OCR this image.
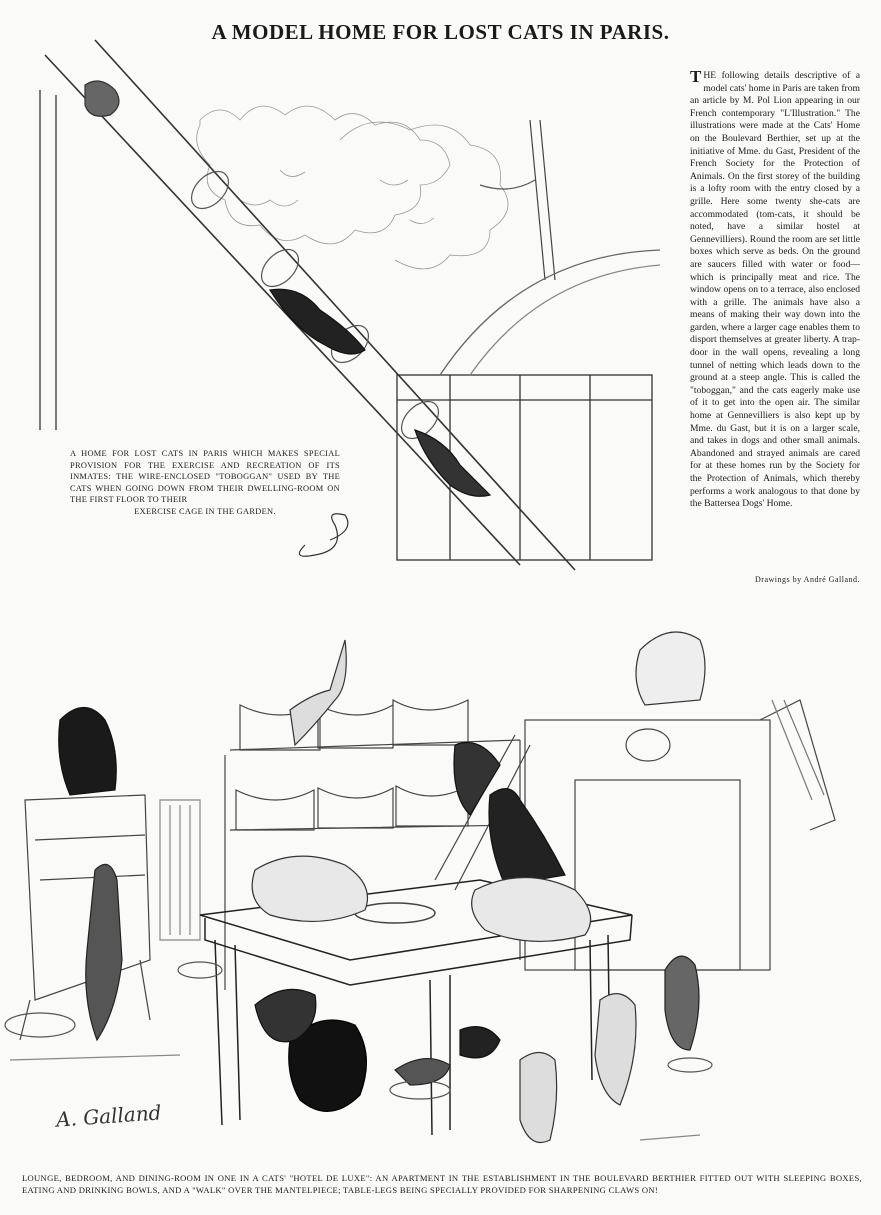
A MODEL HOME FOR LOST CATS IN PARIS.
THE following details descriptive of a model cats' home in Paris are taken from an article by M. Pol Lion appearing in our French contemporary "L'Illustration." The illustrations were made at the Cats' Home on the Boulevard Berthier, set up at the initiative of Mme. du Gast, President of the French Society for the Protection of Animals. On the first storey of the building is a lofty room with the entry closed by a grille. Here some twenty she-cats are accommodated (tom-cats, it should be noted, have a similar hostel at Gennevilliers). Round the room are set little boxes which serve as beds. On the ground are saucers filled with water or food—which is principally meat and rice. The window opens on to a terrace, also enclosed with a grille. The animals have also a means of making their way down into the garden, where a larger cage enables them to disport themselves at greater liberty. A trap-door in the wall opens, revealing a long tunnel of netting which leads down to the ground at a steep angle. This is called the "toboggan," and the cats eagerly make use of it to get into the open air. The similar home at Gennevilliers is also kept up by Mme. du Gast, but it is on a larger scale, and takes in dogs and other small animals. Abandoned and strayed animals are cared for at these homes run by the Society for the Protection of Animals, which thereby performs a work analogous to that done by the Battersea Dogs' Home.
Drawings by André Galland.
A HOME FOR LOST CATS IN PARIS WHICH MAKES SPECIAL PROVISION FOR THE EXERCISE AND RECREATION OF ITS INMATES: THE WIRE-ENCLOSED "TOBOGGAN" USED BY THE CATS WHEN GOING DOWN FROM THEIR DWELLING-ROOM ON THE FIRST FLOOR TO THEIR
EXERCISE CAGE IN THE GARDEN.
A. Galland
LOUNGE, BEDROOM, AND DINING-ROOM IN ONE IN A CATS' "HOTEL DE LUXE": AN APARTMENT IN THE ESTABLISHMENT IN THE BOULEVARD BERTHIER FITTED OUT WITH SLEEPING BOXES, EATING AND DRINKING BOWLS, AND A "WALK" OVER THE MANTELPIECE; TABLE-LEGS BEING SPECIALLY PROVIDED FOR SHARPENING CLAWS ON!
